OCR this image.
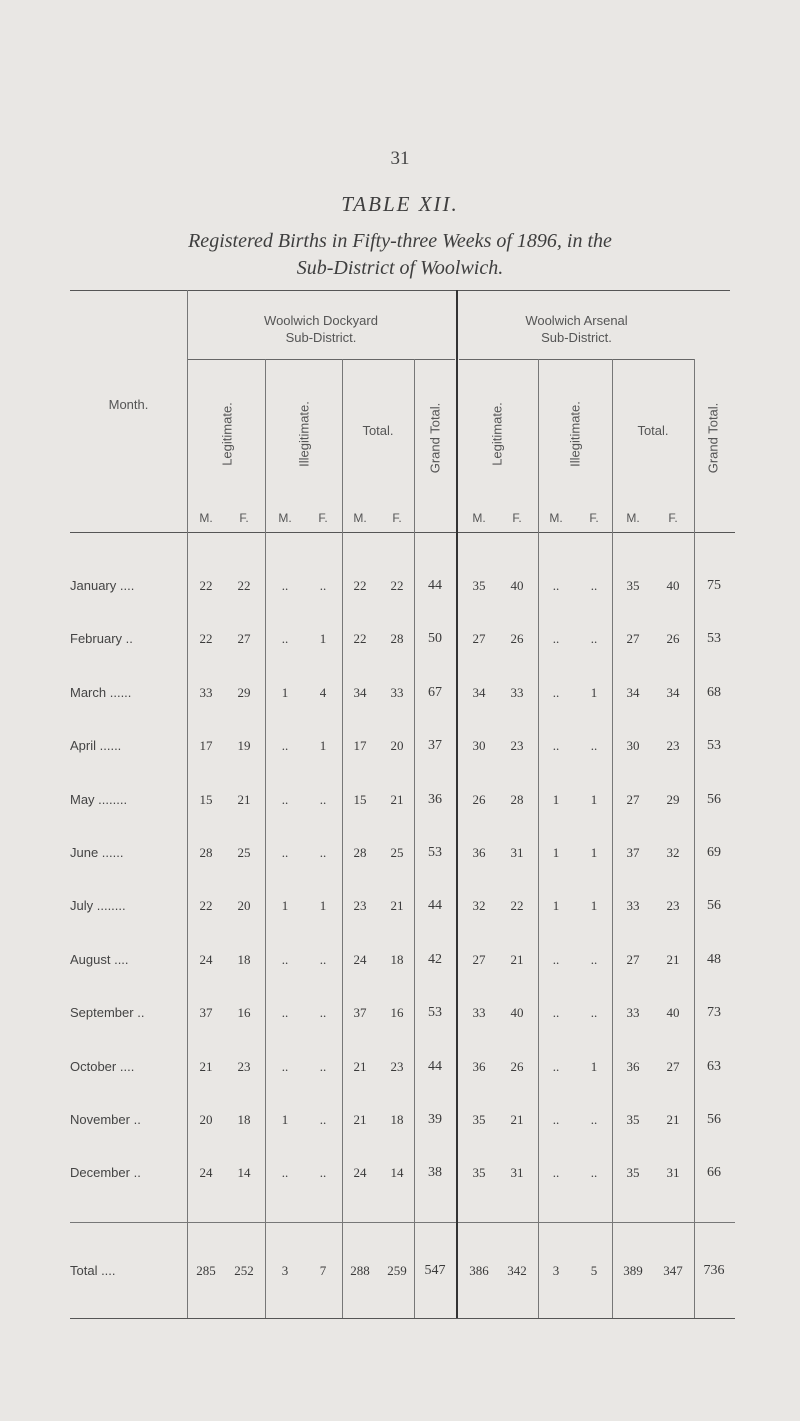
31
TABLE XII.
Registered Births in Fifty-three Weeks of 1896, in the
Sub-District of Woolwich.
Month.
Woolwich Dockyard
Sub-District.
Woolwich Arsenal
Sub-District.
Legitimate.	Illegitimate.	Total.	Grand Total.	Legitimate.	Illegitimate.	Total.	Grand Total.
M.	F.	M.	F.	M.	F.	M.	F.	M.	F.	M.	F.
January ....	22	22	..	..	22	22	44	35	40	..	..	35	40	75
February ..	22	27	..	1	22	28	50	27	26	..	..	27	26	53
March ......	33	29	1	4	34	33	67	34	33	..	1	34	34	68
April ......	17	19	..	1	17	20	37	30	23	..	..	30	23	53
May ........	15	21	..	..	15	21	36	26	28	1	1	27	29	56
June ......	28	25	..	..	28	25	53	36	31	1	1	37	32	69
July ........	22	20	1	1	23	21	44	32	22	1	1	33	23	56
August ....	24	18	..	..	24	18	42	27	21	..	..	27	21	48
September ..	37	16	..	..	37	16	53	33	40	..	..	33	40	73
October ....	21	23	..	..	21	23	44	36	26	..	1	36	27	63
November ..	20	18	1	..	21	18	39	35	21	..	..	35	21	56
December ..	24	14	..	..	24	14	38	35	31	..	..	35	31	66
Total ....	285	252	3	7	288	259	547	386	342	3	5	389	347	736
